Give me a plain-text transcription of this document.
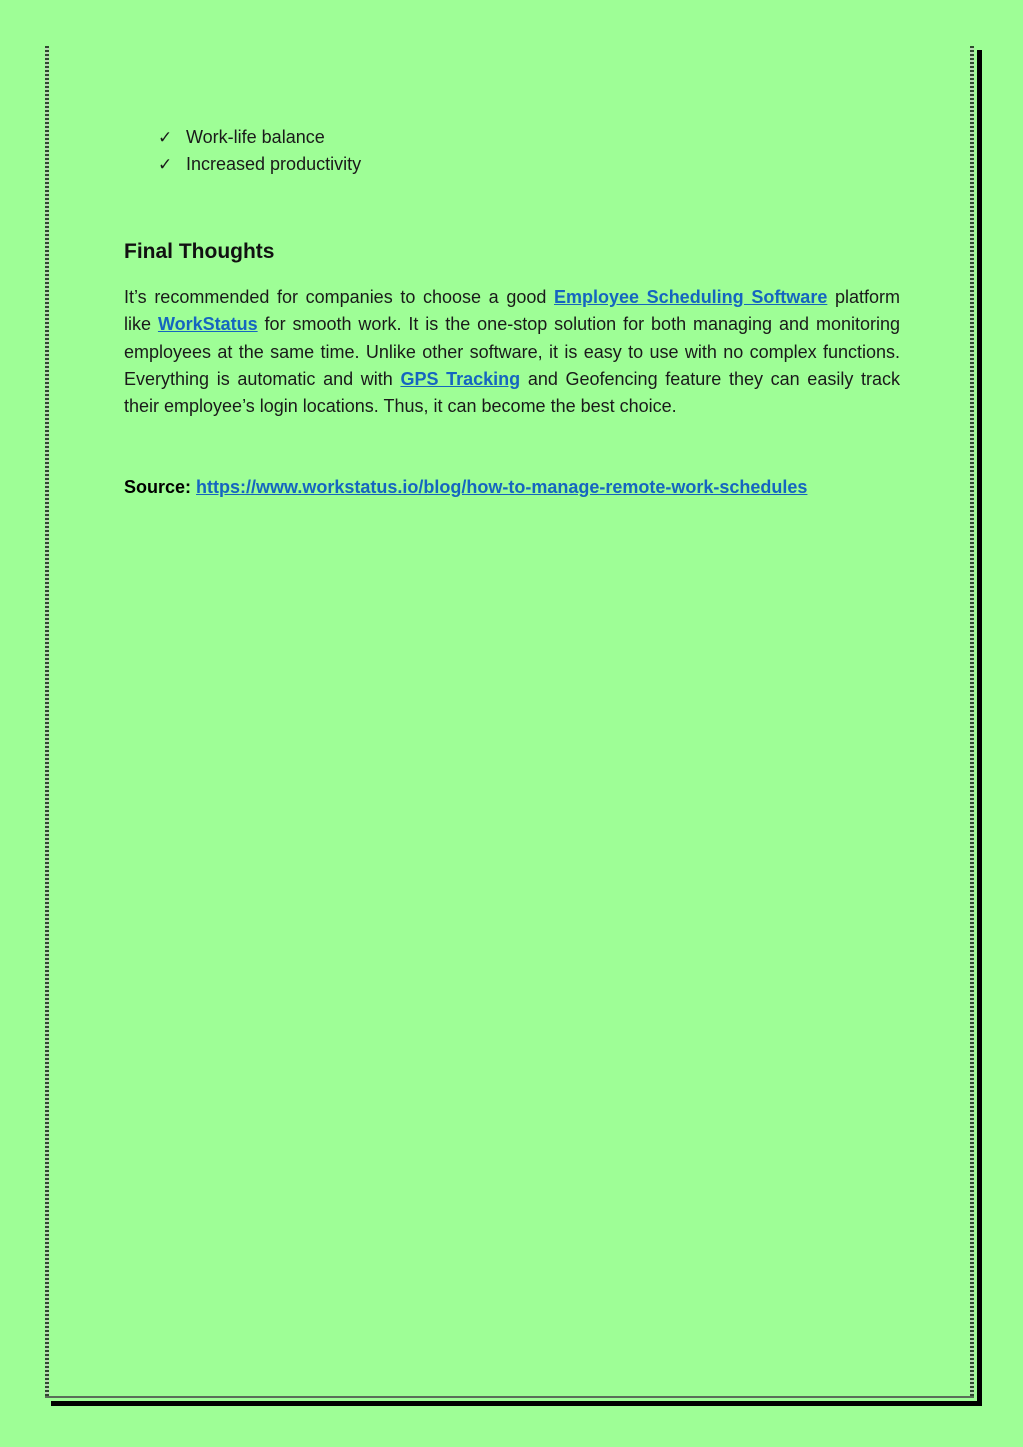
✓ Work-life balance
✓ Increased productivity
Final Thoughts

It’s recommended for companies to choose a good Employee Scheduling Software platform like WorkStatus for smooth work. It is the one-stop solution for both managing and monitoring employees at the same time. Unlike other software, it is easy to use with no complex functions. Everything is automatic and with GPS Tracking and Geofencing feature they can easily track their employee’s login locations. Thus, it can become the best choice.

Source: https://www.workstatus.io/blog/how-to-manage-remote-work-schedules
